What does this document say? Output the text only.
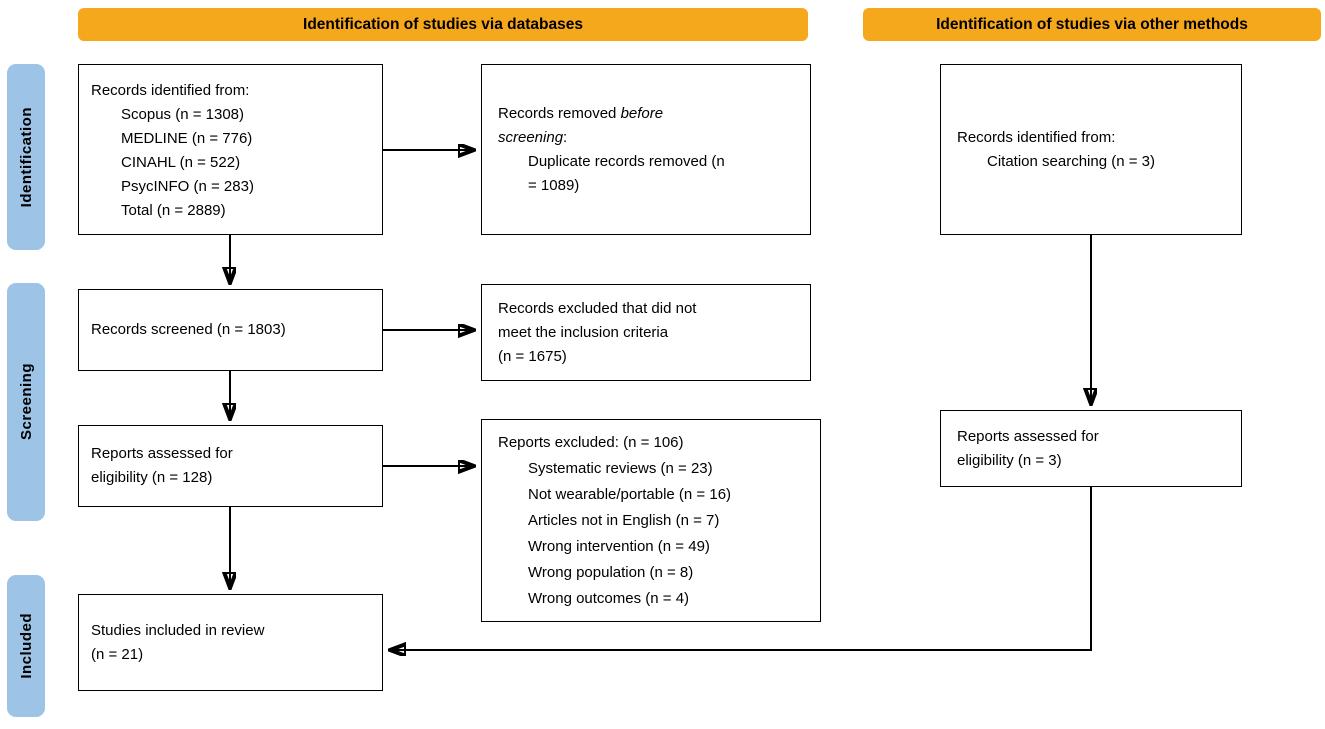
Identification of studies via databases	Identification of studies via other methods
Identification
Screening
Included
Records identified from:
Scopus (n = 1308)
MEDLINE (n = 776)
CINAHL (n = 522)
PsycINFO (n = 283)
Total (n = 2889)
Records removed before
screening:
Duplicate records removed (n
= 1089)
Records identified from:
Citation searching (n = 3)
Records screened (n = 1803)
Records excluded that did not
meet the inclusion criteria
(n = 1675)
Reports assessed for
eligibility (n = 128)
Reports excluded: (n = 106)
Systematic reviews (n = 23)
Not wearable/portable (n = 16)
Articles not in English (n = 7)
Wrong intervention (n = 49)
Wrong population (n = 8)
Wrong outcomes (n = 4)
Reports assessed for
eligibility (n = 3)
Studies included in review
(n = 21)
